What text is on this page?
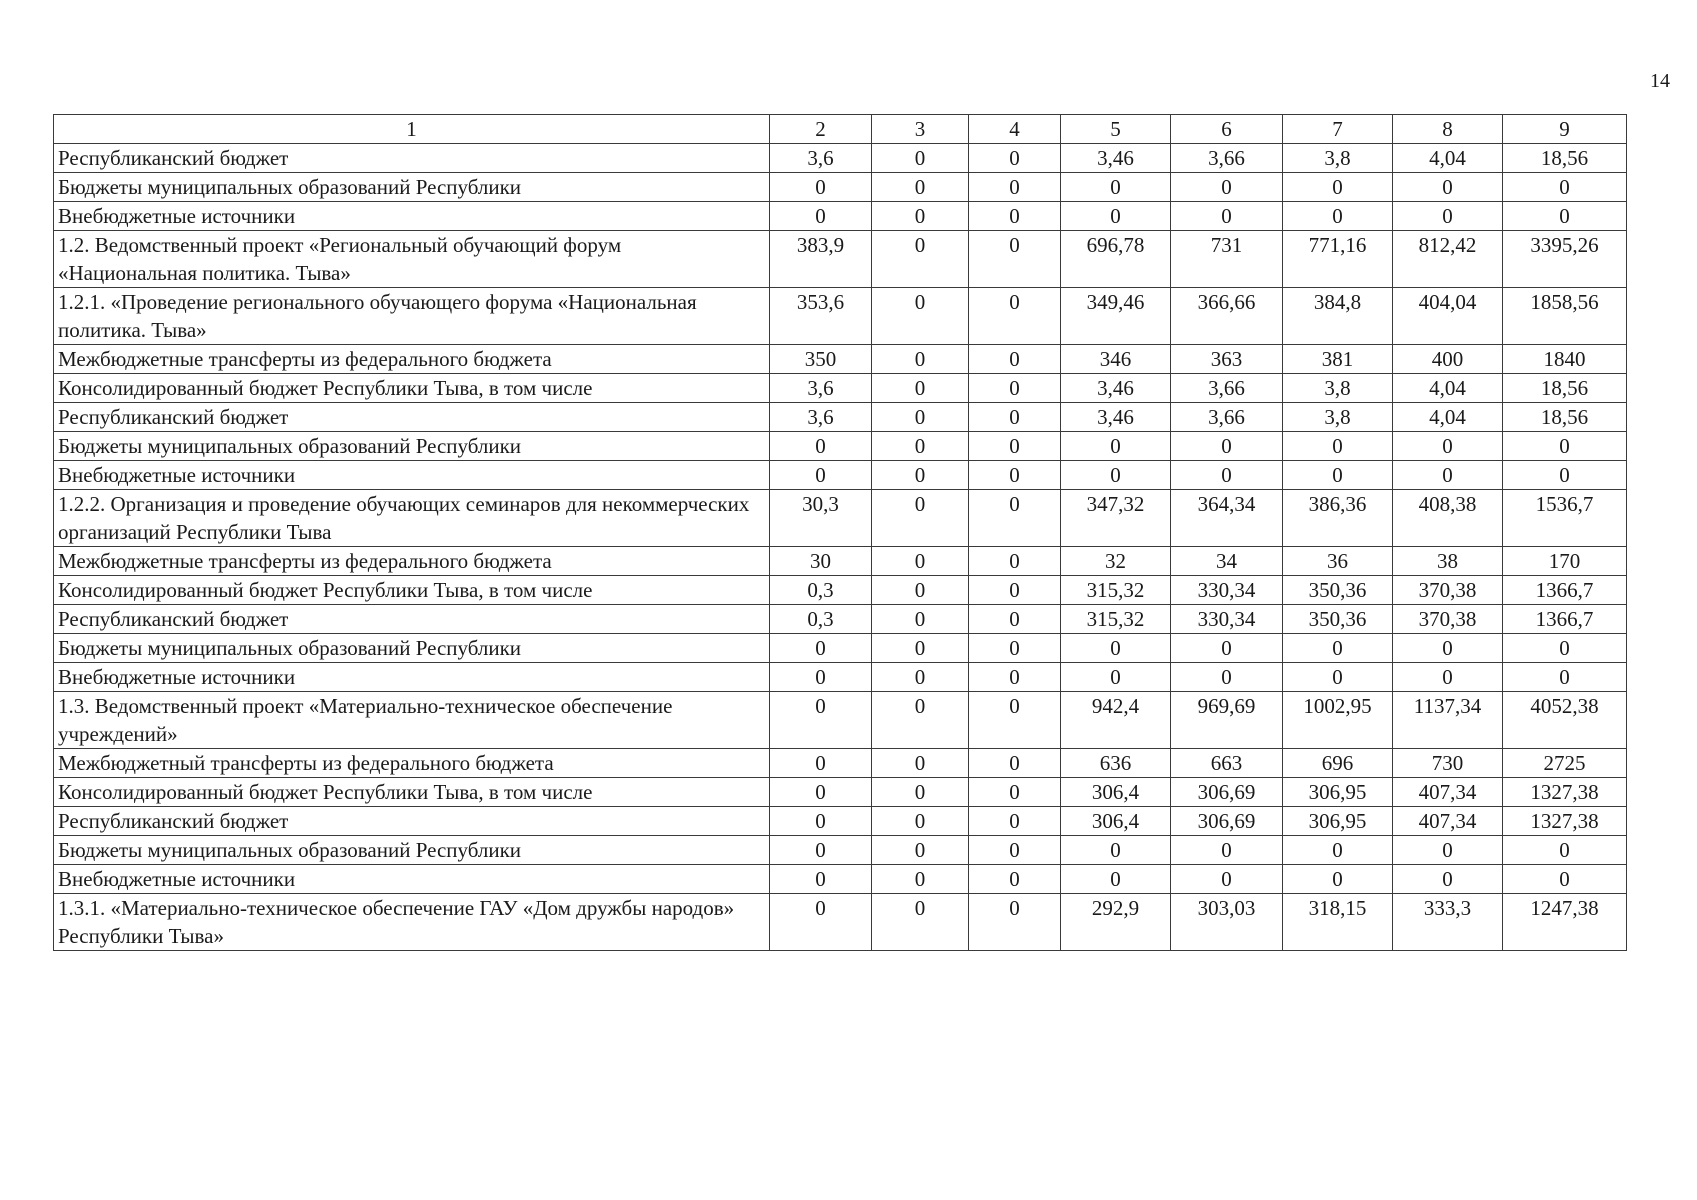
14
1	2	3	4	5	6	7	8	9
Республиканский бюджет	3,6	0	0	3,46	3,66	3,8	4,04	18,56
Бюджеты муниципальных образований Республики	0	0	0	0	0	0	0	0
Внебюджетные источники	0	0	0	0	0	0	0	0
1.2. Ведомственный проект «Региональный обучающий форум «Национальная политика. Тыва»	383,9	0	0	696,78	731	771,16	812,42	3395,26
1.2.1. «Проведение регионального обучающего форума «Национальная политика. Тыва»	353,6	0	0	349,46	366,66	384,8	404,04	1858,56
Межбюджетные трансферты из федерального бюджета	350	0	0	346	363	381	400	1840
Консолидированный бюджет Республики Тыва, в том числе	3,6	0	0	3,46	3,66	3,8	4,04	18,56
Республиканский бюджет	3,6	0	0	3,46	3,66	3,8	4,04	18,56
Бюджеты муниципальных образований Республики	0	0	0	0	0	0	0	0
Внебюджетные источники	0	0	0	0	0	0	0	0
1.2.2. Организация и проведение обучающих семинаров для некоммерческих организаций Республики Тыва	30,3	0	0	347,32	364,34	386,36	408,38	1536,7
Межбюджетные трансферты из федерального бюджета	30	0	0	32	34	36	38	170
Консолидированный бюджет Республики Тыва, в том числе	0,3	0	0	315,32	330,34	350,36	370,38	1366,7
Республиканский бюджет	0,3	0	0	315,32	330,34	350,36	370,38	1366,7
Бюджеты муниципальных образований Республики	0	0	0	0	0	0	0	0
Внебюджетные источники	0	0	0	0	0	0	0	0
1.3. Ведомственный проект «Материально-техническое обеспечение учреждений»	0	0	0	942,4	969,69	1002,95	1137,34	4052,38
Межбюджетный трансферты из федерального бюджета	0	0	0	636	663	696	730	2725
Консолидированный бюджет Республики Тыва, в том числе	0	0	0	306,4	306,69	306,95	407,34	1327,38
Республиканский бюджет	0	0	0	306,4	306,69	306,95	407,34	1327,38
Бюджеты муниципальных образований Республики	0	0	0	0	0	0	0	0
Внебюджетные источники	0	0	0	0	0	0	0	0
1.3.1. «Материально-техническое обеспечение ГАУ «Дом дружбы народов» Республики Тыва»	0	0	0	292,9	303,03	318,15	333,3	1247,38
